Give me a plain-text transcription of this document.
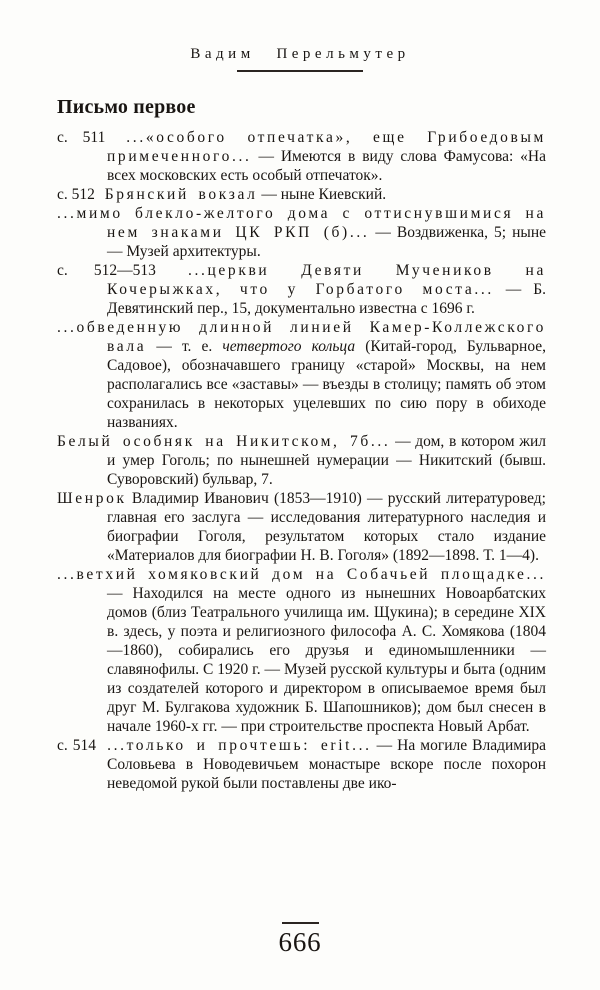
Вадим Перельмутер
Письмо первое

с. 511 ...«особого отпечатка», еще Грибоедовым примеченного... — Имеются в виду слова Фамусова: «На всех московских есть особый отпечаток».

с. 512 Брянский вокзал — ныне Киевский.

...мимо блекло-желтого дома с оттиснувшимися на нем знаками ЦК РКП (б)... — Воздвиженка, 5; ныне — Музей архитектуры.

с. 512—513 ...церкви Девяти Мучеников на Кочерыжках, что у Горбатого моста... — Б. Девятинский пер., 15, документально известна с 1696 г.

...обведенную длинной линией Камер-Коллежского вала — т. е. четвертого кольца (Китай-город, Бульварное, Садовое), обозначавшего границу «старой» Москвы, на нем располагались все «заставы» — въезды в столицу; память об этом сохранилась в некоторых уцелевших по сию пору в обиходе названиях.

Белый особняк на Никитском, 7б... — дом, в котором жил и умер Гоголь; по нынешней нумерации — Никитский (бывш. Суворовский) бульвар, 7.

Шенрок Владимир Иванович (1853—1910) — русский литературовед; главная его заслуга — исследования литературного наследия и биографии Гоголя, результатом которых стало издание «Материалов для биографии Н. В. Гоголя» (1892—1898. Т. 1—4).

...ветхий хомяковский дом на Собачьей площадке... — Находился на месте одного из нынешних Новоарбатских домов (близ Театрального училища им. Щукина); в середине XIX в. здесь, у поэта и религиозного философа А. С. Хомякова (1804—1860), собирались его друзья и единомышленники — славянофилы. С 1920 г. — Музей русской культуры и быта (одним из создателей которого и директором в описываемое время был друг М. Булгакова художник Б. Шапошников); дом был снесен в начале 1960-х гг. — при строительстве проспекта Новый Арбат.

с. 514 ...только и прочтешь: erit... — На могиле Владимира Соловьева в Новодевичьем монастыре вскоре после похорон неведомой рукой были поставлены две ико-

666
